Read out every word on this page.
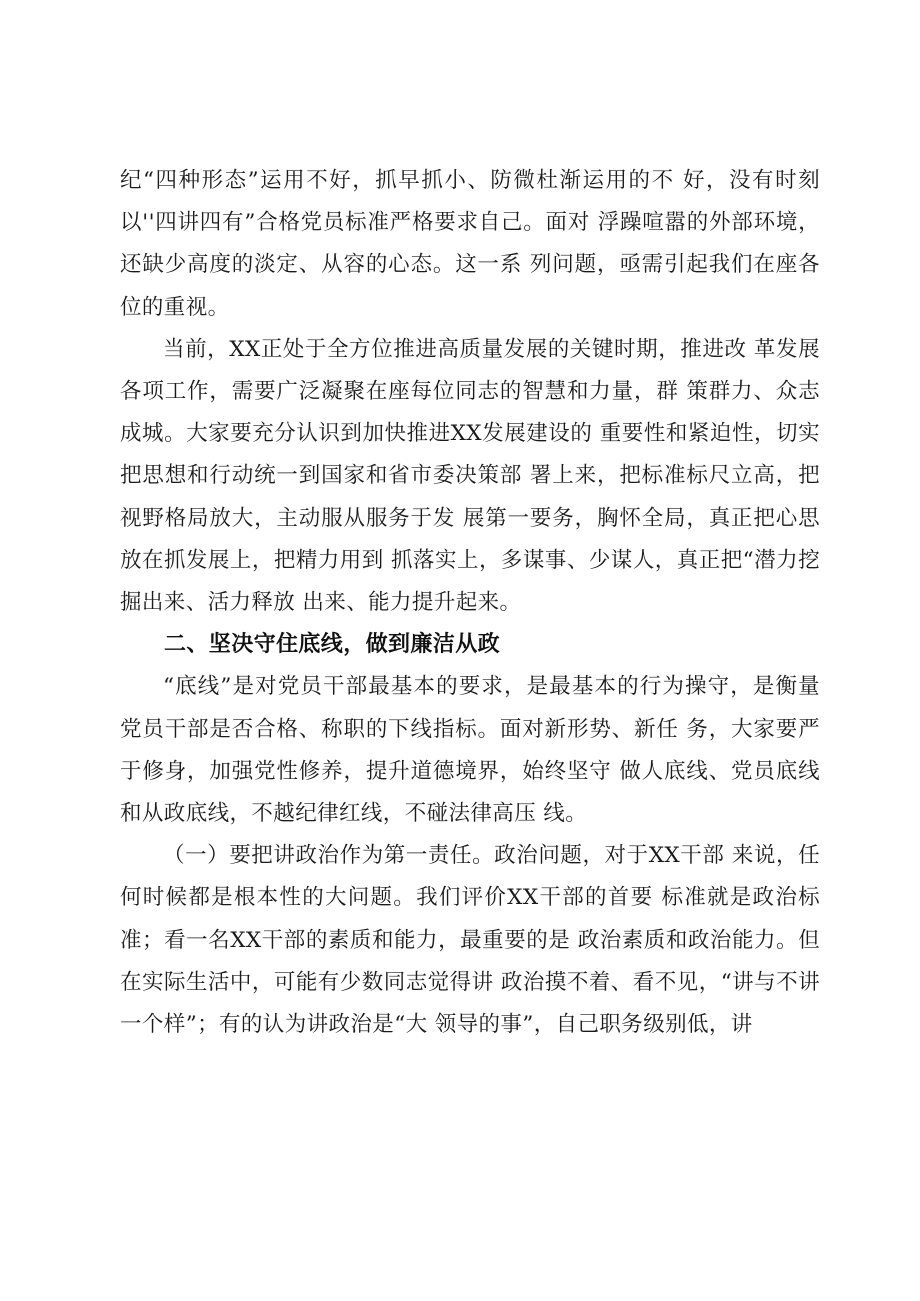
纪“四种形态”运用不好，抓早抓小、防微杜渐运用的不 好，没有时刻以''四讲四有”合格党员标准严格要求自己。面对 浮躁喧嚣的外部环境，还缺少高度的淡定、从容的心态。这一系 列问题，亟需引起我们在座各位的重视。

当前，XX正处于全方位推进高质量发展的关键时期，推进改 革发展各项工作，需要广泛凝聚在座每位同志的智慧和力量，群 策群力、众志成城。大家要充分认识到加快推进XX发展建设的 重要性和紧迫性，切实把思想和行动统一到国家和省市委决策部 署上来，把标准标尺立高，把视野格局放大，主动服从服务于发 展第一要务，胸怀全局，真正把心思放在抓发展上，把精力用到 抓落实上，多谋事、少谋人，真正把“潜力挖掘出来、活力释放 出来、能力提升起来。

二、坚决守住底线，做到廉洁从政

“底线”是对党员干部最基本的要求，是最基本的行为操守，是衡量党员干部是否合格、称职的下线指标。面对新形势、新任 务，大家要严于修身，加强党性修养，提升道德境界，始终坚守 做人底线、党员底线和从政底线，不越纪律红线，不碰法律高压 线。

（一）要把讲政治作为第一责任。政治问题，对于XX干部 来说，任何时候都是根本性的大问题。我们评价XX干部的首要 标准就是政治标准；看一名XX干部的素质和能力，最重要的是 政治素质和政治能力。但在实际生活中，可能有少数同志觉得讲 政治摸不着、看不见，“讲与不讲一个样”；有的认为讲政治是“大 领导的事”，自己职务级别低，讲
